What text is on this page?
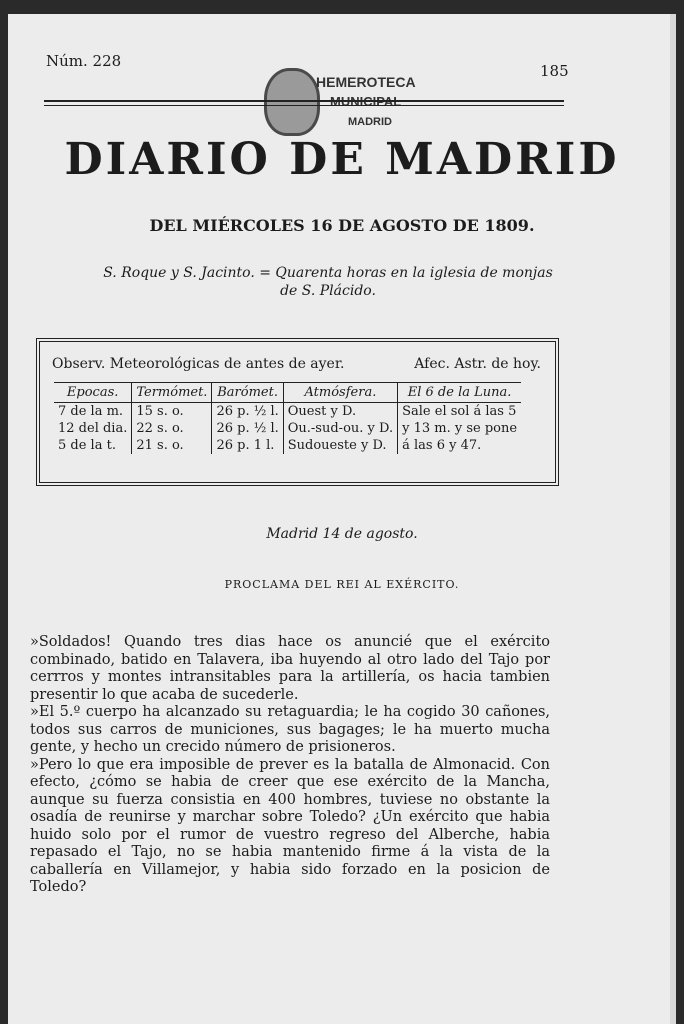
Núm. 228
185
HEMEROTECA
MUNICIPAL
MADRID
DIARIO DE MADRID
DEL MIÉRCOLES 16 DE AGOSTO DE 1809.
S. Roque y S. Jacinto. = Quarenta horas en la iglesia de monjas
de S. Plácido.
Observ. Meteorológicas de antes de ayer.	Afec. Astr. de hoy.
Epocas.	Termómet.	Barómet.	Atmósfera.	El 6 de la Luna.
7 de la m.	15 s. o.	26 p. ½ l.	Ouest y D.	Sale el sol á las 5
12 del dia.	22 s. o.	26 p. ½ l.	Ou.-sud-ou. y D.	y 13 m. y se pone
5 de la t.	21 s. o.	26 p. 1 l.	Sudoueste y D.	á las 6 y 47.
Madrid 14 de agosto.
PROCLAMA DEL REI AL EXÉRCITO.

»Soldados! Quando tres dias hace os anuncié que el exército combinado, batido en Talavera, iba huyendo al otro lado del Tajo por cerrros y montes intransitables para la artillería, os hacia tambien presentir lo que acaba de sucederle.

»El 5.º cuerpo ha alcanzado su retaguardia; le ha cogido 30 cañones, todos sus carros de municiones, sus bagages; le ha muerto mucha gente, y hecho un crecido número de prisioneros.

»Pero lo que era imposible de prever es la batalla de Almonacid. Con efecto, ¿cómo se habia de creer que ese exército de la Mancha, aunque su fuerza consistia en 400 hombres, tuviese no obstante la osadía de reunirse y marchar sobre Toledo? ¿Un exército que habia huido solo por el rumor de vuestro regreso del Alberche, habia repasado el Tajo, no se habia mantenido firme á la vista de la caballería en Villamejor, y habia sido forzado en la posicion de Toledo?
